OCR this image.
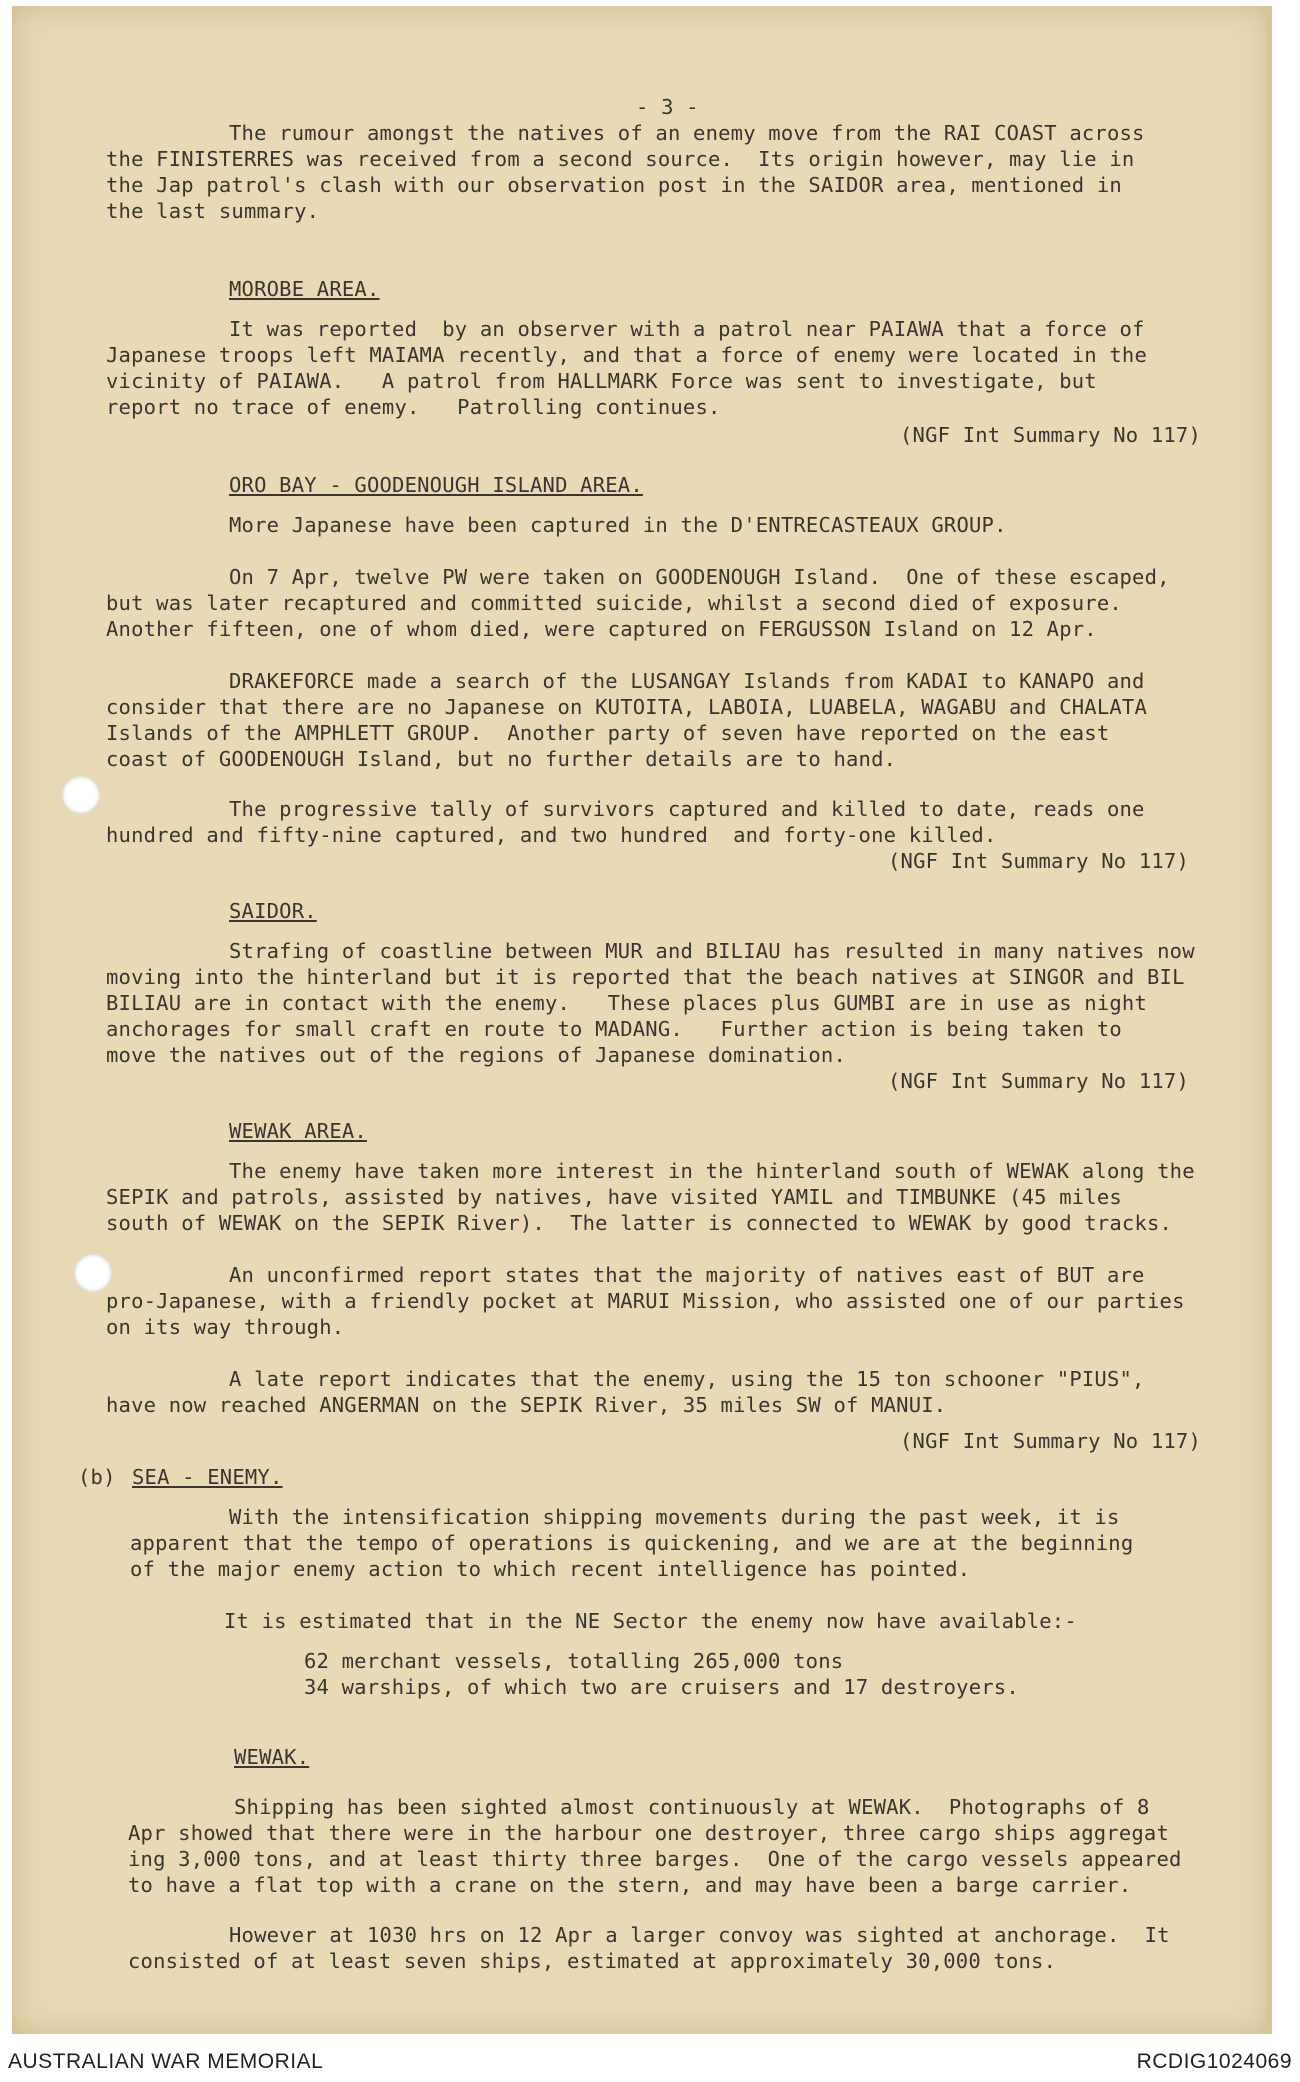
- 3 -

The rumour amongst the natives of an enemy move from the RAI COAST across

the FINISTERRES was received from a second source.  Its origin however, may lie in

the Jap patrol's clash with our observation post in the SAIDOR area, mentioned in

the last summary.

MOROBE AREA.

It was reported  by an observer with a patrol near PAIAWA that a force of

Japanese troops left MAIAMA recently, and that a force of enemy were located in the

vicinity of PAIAWA.   A patrol from HALLMARK Force was sent to investigate, but

report no trace of enemy.   Patrolling continues.

(NGF Int Summary No 117)

ORO BAY - GOODENOUGH ISLAND AREA.

More Japanese have been captured in the D'ENTRECASTEAUX GROUP.

On 7 Apr, twelve PW were taken on GOODENOUGH Island.  One of these escaped,

but was later recaptured and committed suicide, whilst a second died of exposure.

Another fifteen, one of whom died, were captured on FERGUSSON Island on 12 Apr.

DRAKEFORCE made a search of the LUSANGAY Islands from KADAI to KANAPO and

consider that there are no Japanese on KUTOITA, LABOIA, LUABELA, WAGABU and CHALATA

Islands of the AMPHLETT GROUP.  Another party of seven have reported on the east

coast of GOODENOUGH Island, but no further details are to hand.

The progressive tally of survivors captured and killed to date, reads one

hundred and fifty-nine captured, and two hundred  and forty-one killed.

(NGF Int Summary No 117)

SAIDOR.

Strafing of coastline between MUR and BILIAU has resulted in many natives now

moving into the hinterland but it is reported that the beach natives at SINGOR and BIL

BILIAU are in contact with the enemy.   These places plus GUMBI are in use as night

anchorages for small craft en route to MADANG.   Further action is being taken to

move the natives out of the regions of Japanese domination.

(NGF Int Summary No 117)

WEWAK AREA.

The enemy have taken more interest in the hinterland south of WEWAK along the

SEPIK and patrols, assisted by natives, have visited YAMIL and TIMBUNKE (45 miles

south of WEWAK on the SEPIK River).  The latter is connected to WEWAK by good tracks.

An unconfirmed report states that the majority of natives east of BUT are

pro-Japanese, with a friendly pocket at MARUI Mission, who assisted one of our parties

on its way through.

A late report indicates that the enemy, using the 15 ton schooner "PIUS",

have now reached ANGERMAN on the SEPIK River, 35 miles SW of MANUI.

(NGF Int Summary No 117)

(b) SEA - ENEMY.

With the intensification shipping movements during the past week, it is

apparent that the tempo of operations is quickening, and we are at the beginning

of the major enemy action to which recent intelligence has pointed.

It is estimated that in the NE Sector the enemy now have available:-

62 merchant vessels, totalling 265,000 tons

34 warships, of which two are cruisers and 17 destroyers.

WEWAK.

Shipping has been sighted almost continuously at WEWAK.  Photographs of 8

Apr showed that there were in the harbour one destroyer, three cargo ships aggregat

ing 3,000 tons, and at least thirty three barges.  One of the cargo vessels appeared

to have a flat top with a crane on the stern, and may have been a barge carrier.

However at 1030 hrs on 12 Apr a larger convoy was sighted at anchorage.  It

consisted of at least seven ships, estimated at approximately 30,000 tons.

AUSTRALIAN WAR MEMORIAL	RCDIG1024069
